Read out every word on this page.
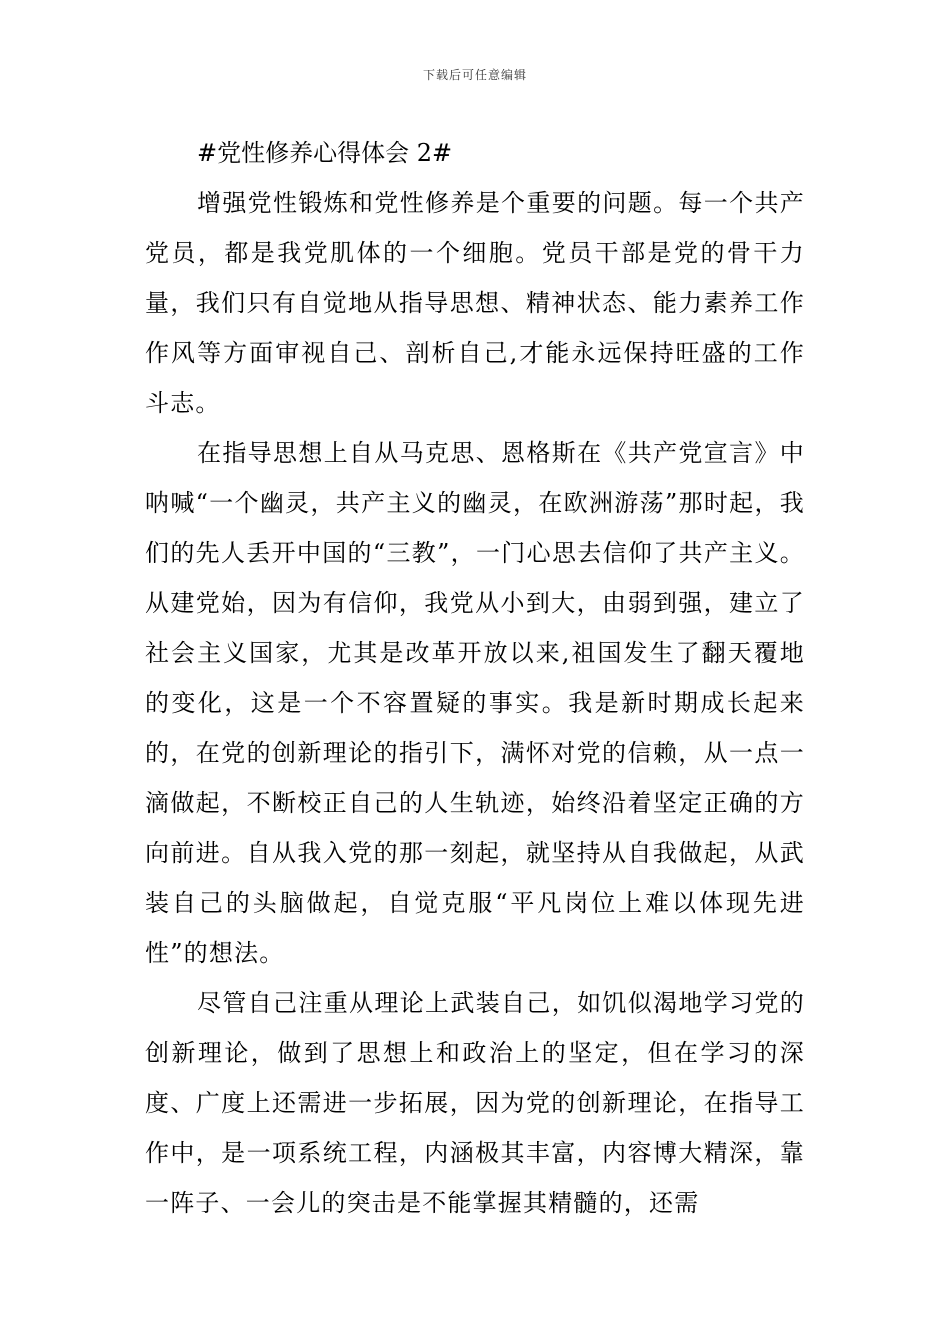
下载后可任意编辑

#党性修养心得体会 2#

增强党性锻炼和党性修养是个重要的问题。每一个共产党员，都是我党肌体的一个细胞。党员干部是党的骨干力量，我们只有自觉地从指导思想、精神状态、能力素养工作作风等方面审视自己、剖析自己,才能永远保持旺盛的工作斗志。

在指导思想上自从马克思、恩格斯在《共产党宣言》中呐喊“一个幽灵，共产主义的幽灵，在欧洲游荡”那时起，我们的先人丢开中国的“三教”，一门心思去信仰了共产主义。从建党始，因为有信仰，我党从小到大，由弱到强，建立了社会主义国家，尤其是改革开放以来,祖国发生了翻天覆地的变化，这是一个不容置疑的事实。我是新时期成长起来的，在党的创新理论的指引下，满怀对党的信赖，从一点一滴做起，不断校正自己的人生轨迹，始终沿着坚定正确的方向前进。自从我入党的那一刻起，就坚持从自我做起，从武装自己的头脑做起，自觉克服“平凡岗位上难以体现先进性”的想法。

尽管自己注重从理论上武装自己，如饥似渴地学习党的创新理论，做到了思想上和政治上的坚定，但在学习的深度、广度上还需进一步拓展，因为党的创新理论，在指导工作中，是一项系统工程，内涵极其丰富，内容博大精深，靠一阵子、一会儿的突击是不能掌握其精髓的，还需
